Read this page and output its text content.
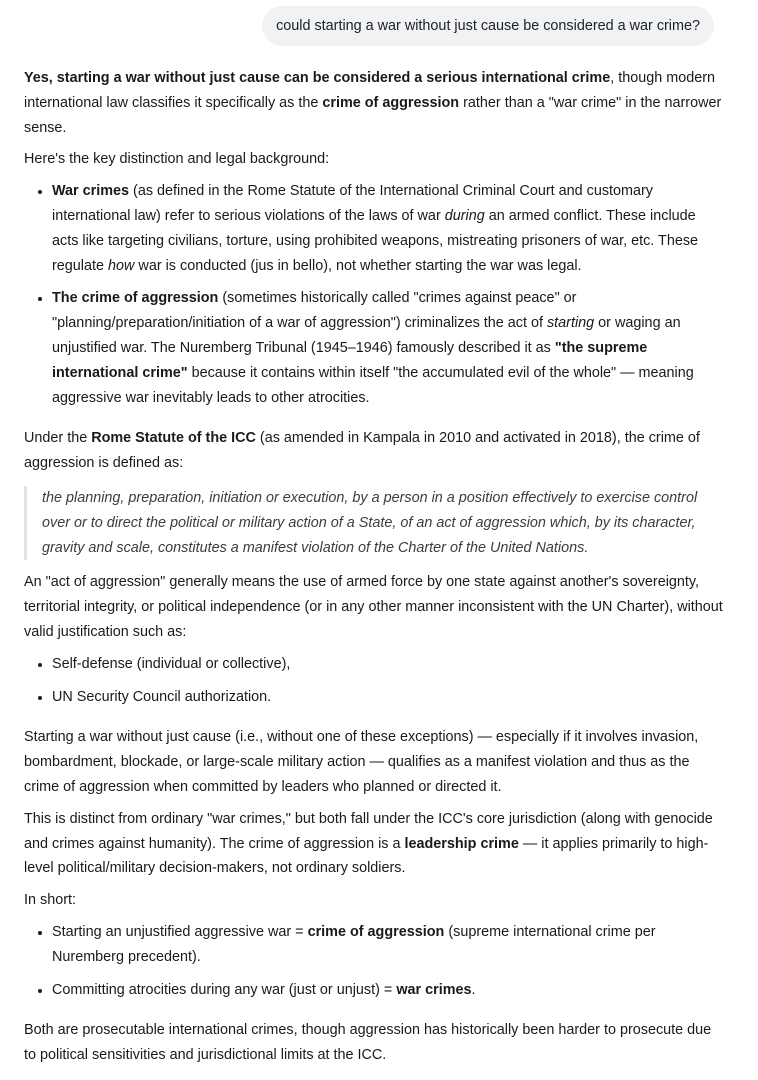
could starting a war without just cause be considered a war crime?

Yes, starting a war without just cause can be considered a serious international crime, though modern international law classifies it specifically as the crime of aggression rather than a "war crime" in the narrower sense.

Here's the key distinction and legal background:

• War crimes (as defined in the Rome Statute of the International Criminal Court and customary international law) refer to serious violations of the laws of war during an armed conflict. These include acts like targeting civilians, torture, using prohibited weapons, mistreating prisoners of war, etc. These regulate how war is conducted (jus in bello), not whether starting the war was legal.
• The crime of aggression (sometimes historically called "crimes against peace" or "planning/preparation/initiation of a war of aggression") criminalizes the act of starting or waging an unjustified war. The Nuremberg Tribunal (1945–1946) famously described it as "the supreme international crime" because it contains within itself "the accumulated evil of the whole" — meaning aggressive war inevitably leads to other atrocities.

Under the Rome Statute of the ICC (as amended in Kampala in 2010 and activated in 2018), the crime of aggression is defined as:

the planning, preparation, initiation or execution, by a person in a position effectively to exercise control over or to direct the political or military action of a State, of an act of aggression which, by its character, gravity and scale, constitutes a manifest violation of the Charter of the United Nations.

An "act of aggression" generally means the use of armed force by one state against another's sovereignty, territorial integrity, or political independence (or in any other manner inconsistent with the UN Charter), without valid justification such as:

• Self-defense (individual or collective),
• UN Security Council authorization.

Starting a war without just cause (i.e., without one of these exceptions) — especially if it involves invasion, bombardment, blockade, or large-scale military action — qualifies as a manifest violation and thus as the crime of aggression when committed by leaders who planned or directed it.

This is distinct from ordinary "war crimes," but both fall under the ICC's core jurisdiction (along with genocide and crimes against humanity). The crime of aggression is a leadership crime — it applies primarily to high-level political/military decision-makers, not ordinary soldiers.

In short:

• Starting an unjustified aggressive war = crime of aggression (supreme international crime per Nuremberg precedent).
• Committing atrocities during any war (just or unjust) = war crimes.

Both are prosecutable international crimes, though aggression has historically been harder to prosecute due to political sensitivities and jurisdictional limits at the ICC.
